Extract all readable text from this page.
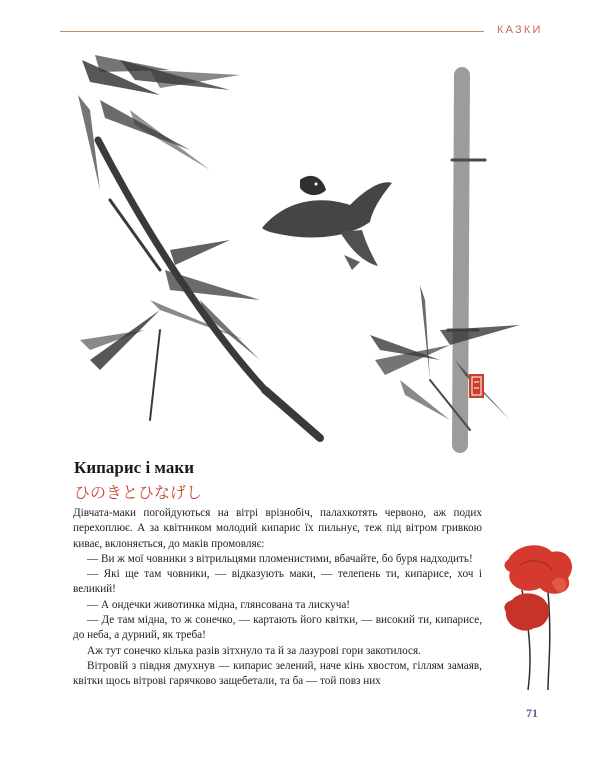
КАЗКИ
Кипарис і маки
ひのきとひなげし

Дівчата-маки погойдуються на вітрі врізнобіч, палахкотять червоно, аж подих перехоплює. А за квітником молодий кипарис їх пильнує, теж під вітром гривкою киває, вклоняється, до маків промовляє:

— Ви ж мої човники з вітрильцями пломенистими, вбачайте, бо буря надходить!

— Які ще там човники, — відказують маки, — телепень ти, кипарисе, хоч і великий!

— А ондечки животинка мідна, глянсована та лискуча!

— Де там мідна, то ж сонечко, — картають його квітки, — високий ти, кипарисе, до неба, а дурний, як треба!

Аж тут сонечко кілька разів зітхнуло та й за лазурові гори закотилося.

Вітровій з півдня дмухнув — кипарис зелений, наче кінь хвостом, гіллям замаяв, квітки щось вітрові гарячково защебетали, та ба — той повз них

71
